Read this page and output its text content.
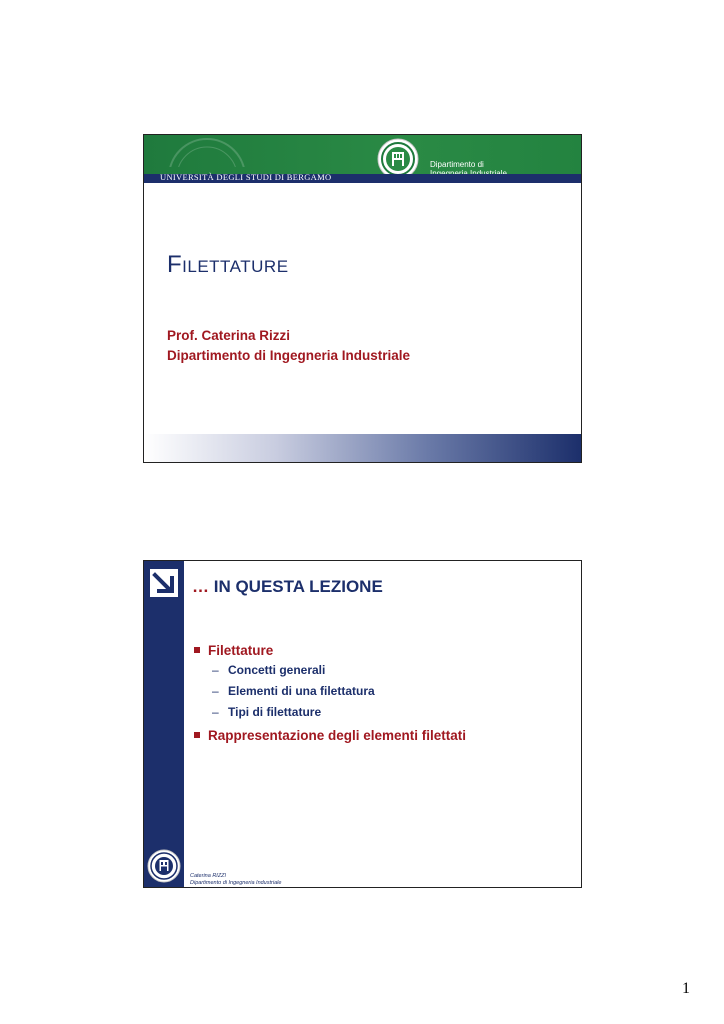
Dipartimento di
UNIVERSITÀ DEGLI STUDI DI BERGAMO
Filettature
Prof. Caterina Rizzi
Dipartimento di Ingegneria Industriale
… IN QUESTA LEZIONE
Filettature
– Concetti generali
– Elementi di una filettatura
– Tipi di filettature
Rappresentazione degli elementi filettati
Caterina RIZZI
Dipartimento di Ingegneria Industriale
1
